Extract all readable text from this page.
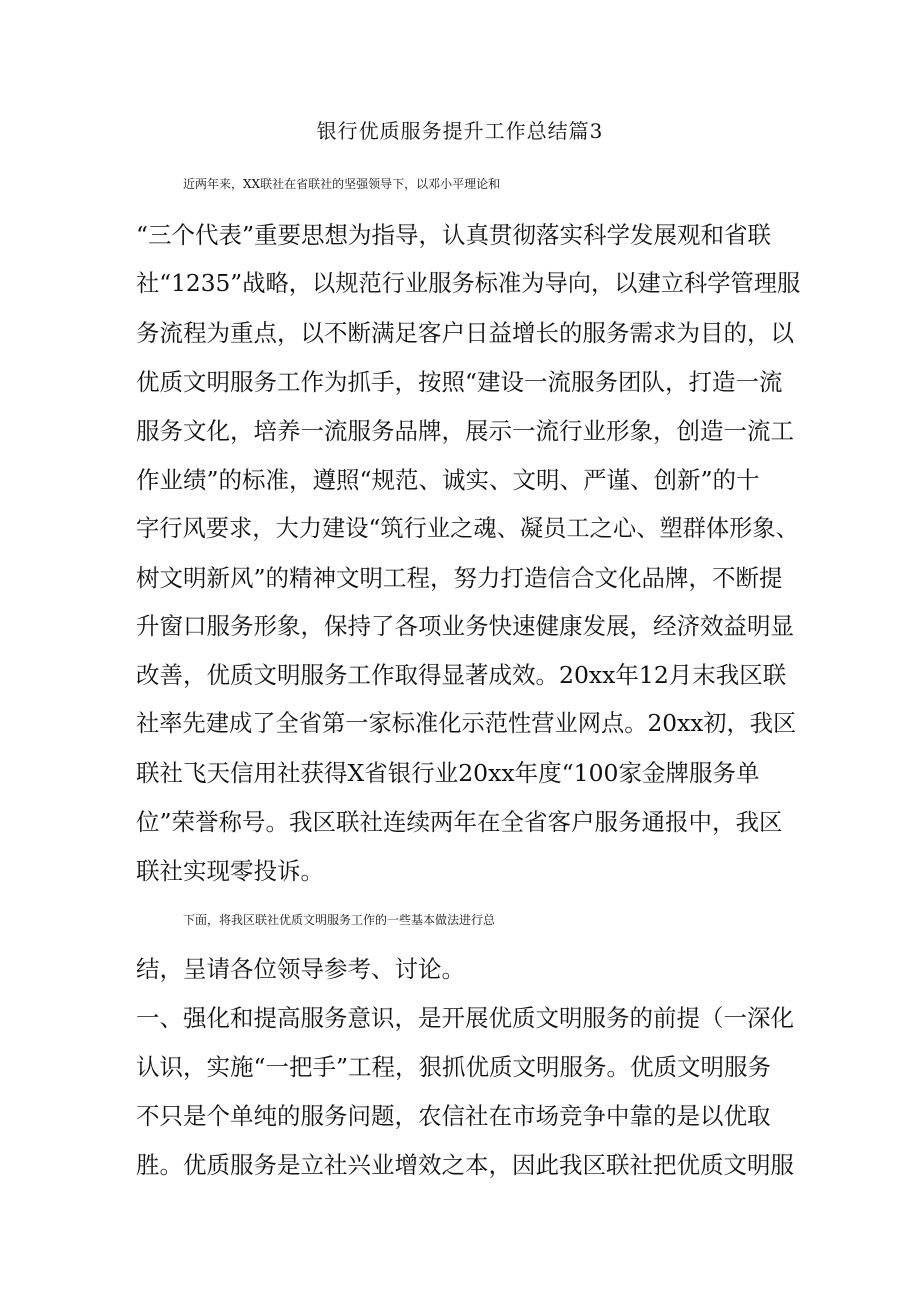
银行优质服务提升工作总结篇3

近两年来，XX联社在省联社的坚强领导下，以邓小平理论和

“三个代表”重要思想为指导，认真贯彻落实科学发展观和省联

社“1235”战略，以规范行业服务标准为导向，以建立科学管理服

务流程为重点，以不断满足客户日益增长的服务需求为目的，以

优质文明服务工作为抓手，按照“建设一流服务团队，打造一流

服务文化，培养一流服务品牌，展示一流行业形象，创造一流工

作业绩”的标准，遵照“规范、诚实、文明、严谨、创新”的十

字行风要求，大力建设“筑行业之魂、凝员工之心、塑群体形象、

树文明新风”的精神文明工程，努力打造信合文化品牌，不断提

升窗口服务形象，保持了各项业务快速健康发展，经济效益明显

改善，优质文明服务工作取得显著成效。20xx年12月末我区联

社率先建成了全省第一家标准化示范性营业网点。20xx初，我区

联社飞天信用社获得X省银行业20xx年度“100家金牌服务单

位”荣誉称号。我区联社连续两年在全省客户服务通报中，我区

联社实现零投诉。

下面，将我区联社优质文明服务工作的一些基本做法进行总

结，呈请各位领导参考、讨论。

一、强化和提高服务意识，是开展优质文明服务的前提（一深化

认识，实施“一把手”工程，狠抓优质文明服务。优质文明服务

不只是个单纯的服务问题，农信社在市场竞争中靠的是以优取

胜。优质服务是立社兴业增效之本，因此我区联社把优质文明服
